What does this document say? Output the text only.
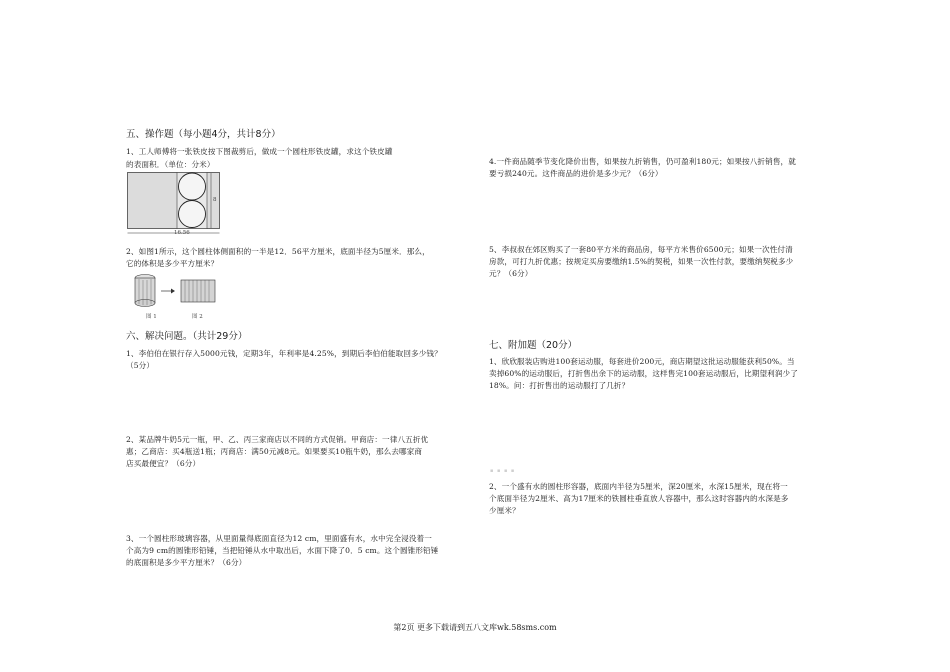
五、操作题（每小题4分，共计8分）
1、工人师傅将一张铁皮按下图裁剪后，做成一个圆柱形铁皮罐，求这个铁皮罐
的表面积．（单位：分米）
16.56
8
2、如图1所示，这个圆柱体侧面积的一半是12．56平方厘米，底面半径为5厘米．那么，
它的体积是多少平方厘米？
图 1	图 2
六、解决问题。（共计29分）
1、李伯伯在银行存入5000元钱，定期3年，年利率是4.25%，到期后李伯伯能取回多少钱？
（5分）
2、某品牌牛奶5元一瓶，甲、乙、丙三家商店以不同的方式促销。甲商店：一律八五折优
惠；乙商店：买4瓶送1瓶；丙商店：满50元减8元。如果要买10瓶牛奶，那么去哪家商
店买最便宜？（6分）
3、一个圆柱形玻璃容器，从里面量得底面直径为12 cm，里面盛有水，水中完全浸没着一
个高为9 cm的圆锥形铅锤，当把铅锤从水中取出后，水面下降了0．5 cm。这个圆锥形铅锤
的底面积是多少平方厘米？（6分）
4.一件商品随季节变化降价出售，如果按九折销售，仍可盈利180元；如果按八折销售，就
要亏损240元。这件商品的进价是多少元？（6分）
5、李叔叔在郊区购买了一套80平方米的商品房，每平方米售价6500元；如果一次性付清
房款，可打九折优惠；按规定买房要缴纳1.5%的契税，如果一次性付款，要缴纳契税多少
元？（6分）
七、附加题（20分）
1、欣欣服装店购进100套运动服，每套进价200元，商店期望这批运动服能获利50%。当
卖掉60%的运动服后，打折售出余下的运动服，这样售完100套运动服后，比期望利润少了
18%。问：打折售出的运动服打了几折？
▪ ▪ ▪ ▪
2、一个盛有水的圆柱形容器，底面内半径为5厘米，深20厘米，水深15厘米，现在将一
个底面半径为2厘米、高为17厘米的铁圆柱垂直放人容器中，那么这时容器内的水深是多
少厘米？
第2页 更多下载请到五八文库wk.58sms.com
